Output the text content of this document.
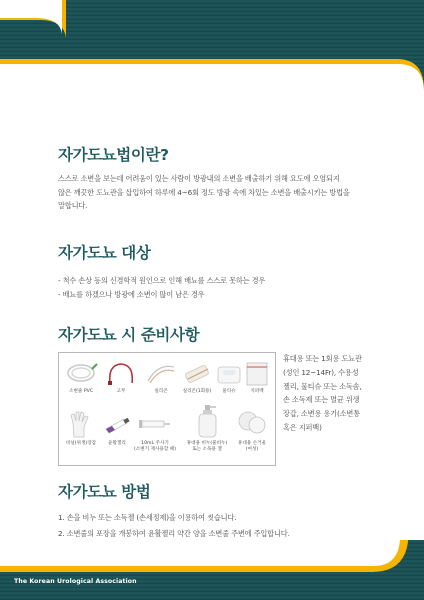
자가도뇨법이란?

스스로 소변을 보는데 어려움이 있는 사람이 방광내의 소변을 배출하기 위해 요도에 오염되지

않은 깨끗한 도뇨관을 삽입하여 하루에 4~6회 정도 방광 속에 차있는 소변을 배출시키는 방법을

말합니다.

자가도뇨 대상

- 척수 손상 등의 신경학적 원인으로 인해 배뇨를 스스로 못하는 경우

- 배뇨를 하겠으나 방광에 소변이 많이 남은 경우

자가도뇨 시 준비사항
소변줄 PVC	고무	실리콘	실리콘(1회용)	물티슈	지퍼백
비닐(위생)장갑	윤활젤리	10mL 주사기
(소변기 재사용할 때)
휴대용 비누(물비누)
또는 소독용 젤
휴대용 손거울
(여성)
휴대용 또는 1회용 도뇨관
(성인 12~14Fr), 수용성
젤리, 물티슈 또는 소독솜,
손 소독제 또는 멸균 위생
장갑, 소변용 용기(소변통
혹은 지퍼백)
자가도뇨 방법

1. 손을 비누 또는 소독젤 (손세정제)을 이용하여 씻습니다.

2. 소변줄의 포장을 개봉하여 윤활젤리 약간 양을 소변줄 주변에 주입합니다.

The Korean Urological Association
